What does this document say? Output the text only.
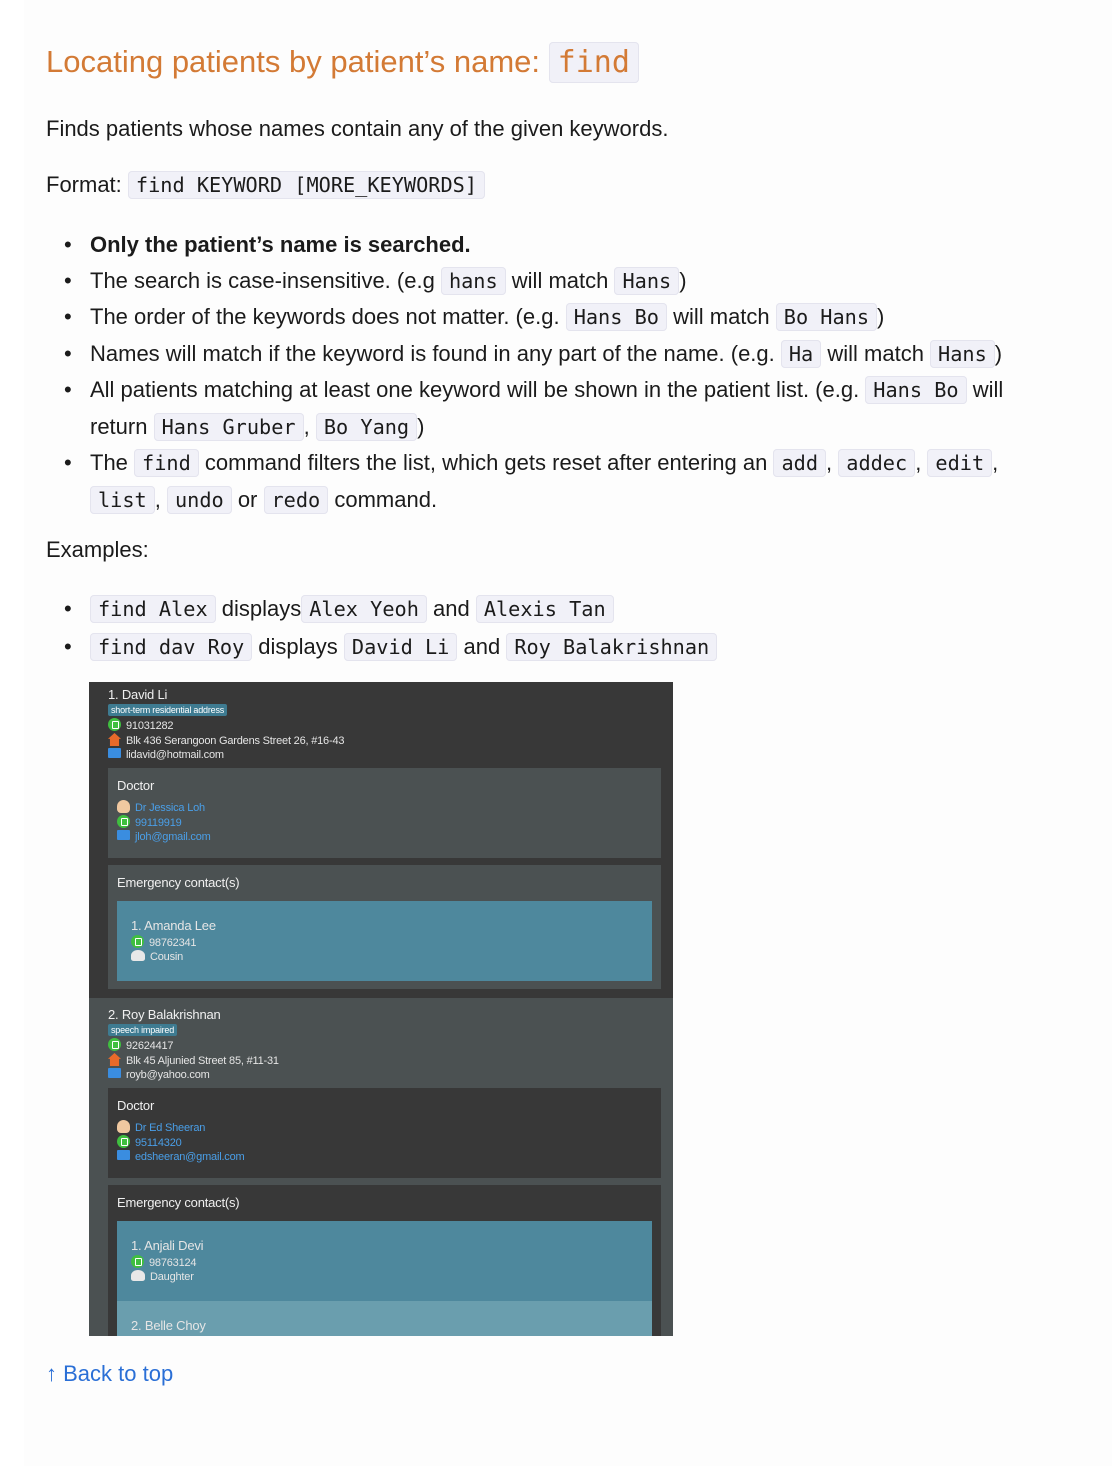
Locating patients by patient’s name: find
Finds patients whose names contain any of the given keywords.
Format: find KEYWORD [MORE_KEYWORDS]
• Only the patient’s name is searched.
• The search is case-insensitive. (e.g hans will match Hans )
• The order of the keywords does not matter. (e.g. Hans Bo will match Bo Hans )
• Names will match if the keyword is found in any part of the name. (e.g. Ha will match Hans )
• All patients matching at least one keyword will be shown in the patient list. (e.g. Hans Bo will
return Hans Gruber , Bo Yang )
• The find command filters the list, which gets reset after entering an add , addec , edit ,
list , undo or redo command.
Examples:
• find Alex displays Alex Yeoh and Alexis Tan
• find dav Roy displays David Li and Roy Balakrishnan
↑ Back to top
1. David Li
short-term residential address
91031282
Blk 436 Serangoon Gardens Street 26, #16-43
lidavid@hotmail.com
Doctor
Dr Jessica Loh
99119919
jloh@gmail.com
Emergency contact(s)
1. Amanda Lee
98762341
Cousin
2. Roy Balakrishnan
speech impaired
92624417
Blk 45 Aljunied Street 85, #11-31
royb@yahoo.com
Doctor
Dr Ed Sheeran
95114320
edsheeran@gmail.com
Emergency contact(s)
1. Anjali Devi
98763124
Daughter
2. Belle Choy
